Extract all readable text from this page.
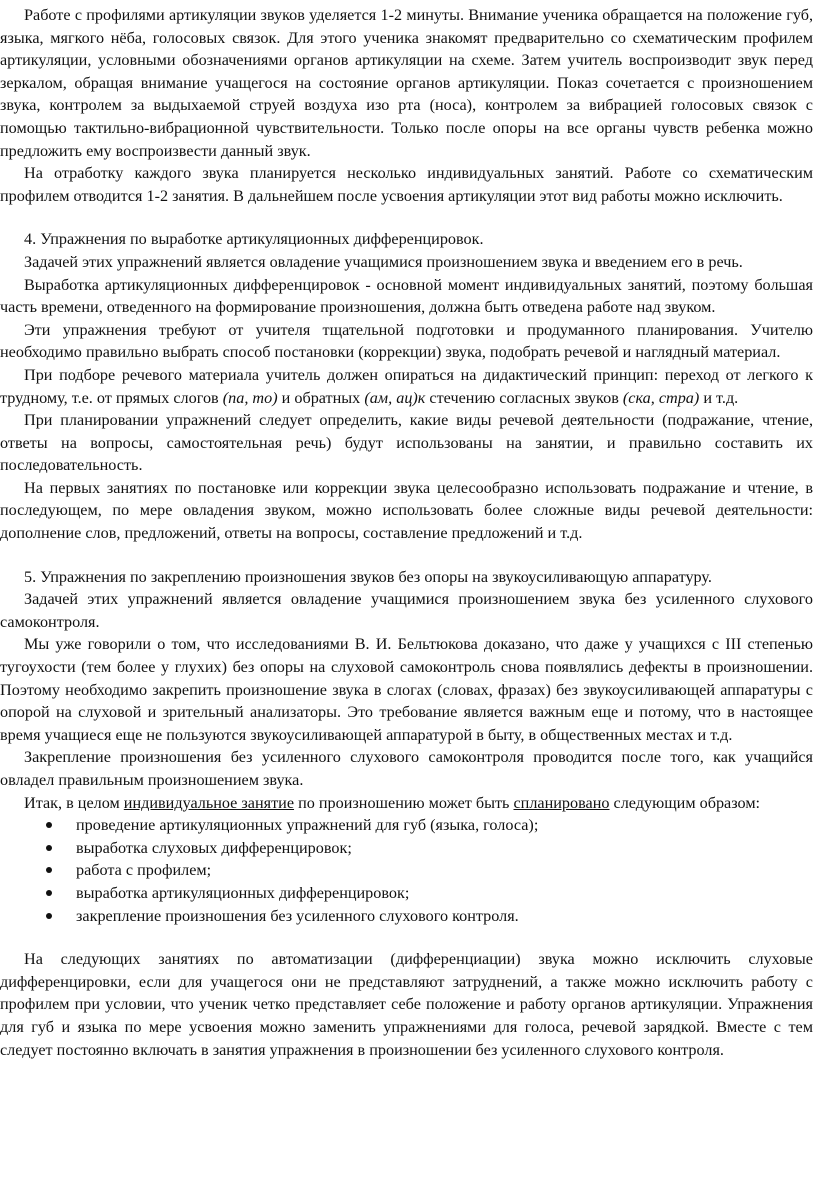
Работе с профилями артикуляции звуков уделяется 1-2 минуты. Внимание ученика обращается на положение губ, языка, мягкого нёба, голосовых связок. Для этого ученика знакомят предварительно со схематическим профилем артикуляции, условными обозначениями органов артикуляции на схеме. Затем учитель воспроизводит звук перед зеркалом, обращая внимание учащегося на состояние органов артикуляции. Показ сочетается с произношением звука, контролем за выдыхаемой струей воздуха изо рта (носа), контролем за вибрацией голосовых связок с помощью тактильно-вибрационной чувствительности. Только после опоры на все органы чувств ребенка можно предложить ему воспроизвести данный звук.

На отработку каждого звука планируется несколько индивидуальных занятий. Работе со схематическим профилем отводится 1-2 занятия. В дальнейшем после усвоения артикуляции этот вид работы можно исключить.

4. Упражнения по выработке артикуляционных дифференцировок.

Задачей этих упражнений является овладение учащимися произношением звука и введением его в речь.

Выработка артикуляционных дифференцировок - основной момент индивидуальных занятий, поэтому большая часть времени, отведенного на формирование произношения, должна быть отведена работе над звуком.

Эти упражнения требуют от учителя тщательной подготовки и продуманного планирования. Учителю необходимо правильно выбрать способ постановки (коррекции) звука, подобрать речевой и наглядный материал.

При подборе речевого материала учитель должен опираться на дидактический принцип: переход от легкого к трудному, т.е. от прямых слогов (па, то) и обратных (ам, ац)к стечению согласных звуков (ска, стра) и т.д.

При планировании упражнений следует определить, какие виды речевой деятельности (подражание, чтение, ответы на вопросы, самостоятельная речь) будут использованы на занятии, и правильно составить их последовательность.

На первых занятиях по постановке или коррекции звука целесообразно использовать подражание и чтение, в последующем, по мере овладения звуком, можно использовать более сложные виды речевой деятельности: дополнение слов, предложений, ответы на вопросы, составление предложений и т.д.

5. Упражнения по закреплению произношения звуков без опоры на звукоусиливающую аппаратуру.

Задачей этих упражнений является овладение учащимися произношением звука без усиленного слухового самоконтроля.

Мы уже говорили о том, что исследованиями В. И. Бельтюкова доказано, что даже у учащихся с III степенью тугоухости (тем более у глухих) без опоры на слуховой самоконтроль снова появлялись дефекты в произношении. Поэтому необходимо закрепить произношение звука в слогах (словах, фразах) без звукоусиливающей аппаратуры с опорой на слуховой и зрительный анализаторы. Это требование является важным еще и потому, что в настоящее время учащиеся еще не пользуются звукоусиливающей аппаратурой в быту, в общественных местах и т.д.

Закрепление произношения без усиленного слухового самоконтроля проводится после того, как учащийся овладел правильным произношением звука.

Итак, в целом индивидуальное занятие по произношению может быть спланировано следующим образом:

проведение артикуляционных упражнений для губ (языка, голоса);
выработка слуховых дифференцировок;
работа с профилем;
выработка артикуляционных дифференцировок;
закрепление произношения без усиленного слухового контроля.

На следующих занятиях по автоматизации (дифференциации) звука можно исключить слуховые дифференцировки, если для учащегося они не представляют затруднений, а также можно исключить работу с профилем при условии, что ученик четко представляет себе положение и работу органов артикуляции. Упражнения для губ и языка по мере усвоения можно заменить упражнениями для голоса, речевой зарядкой. Вместе с тем следует постоянно включать в занятия упражнения в произношении без усиленного слухового контроля.
